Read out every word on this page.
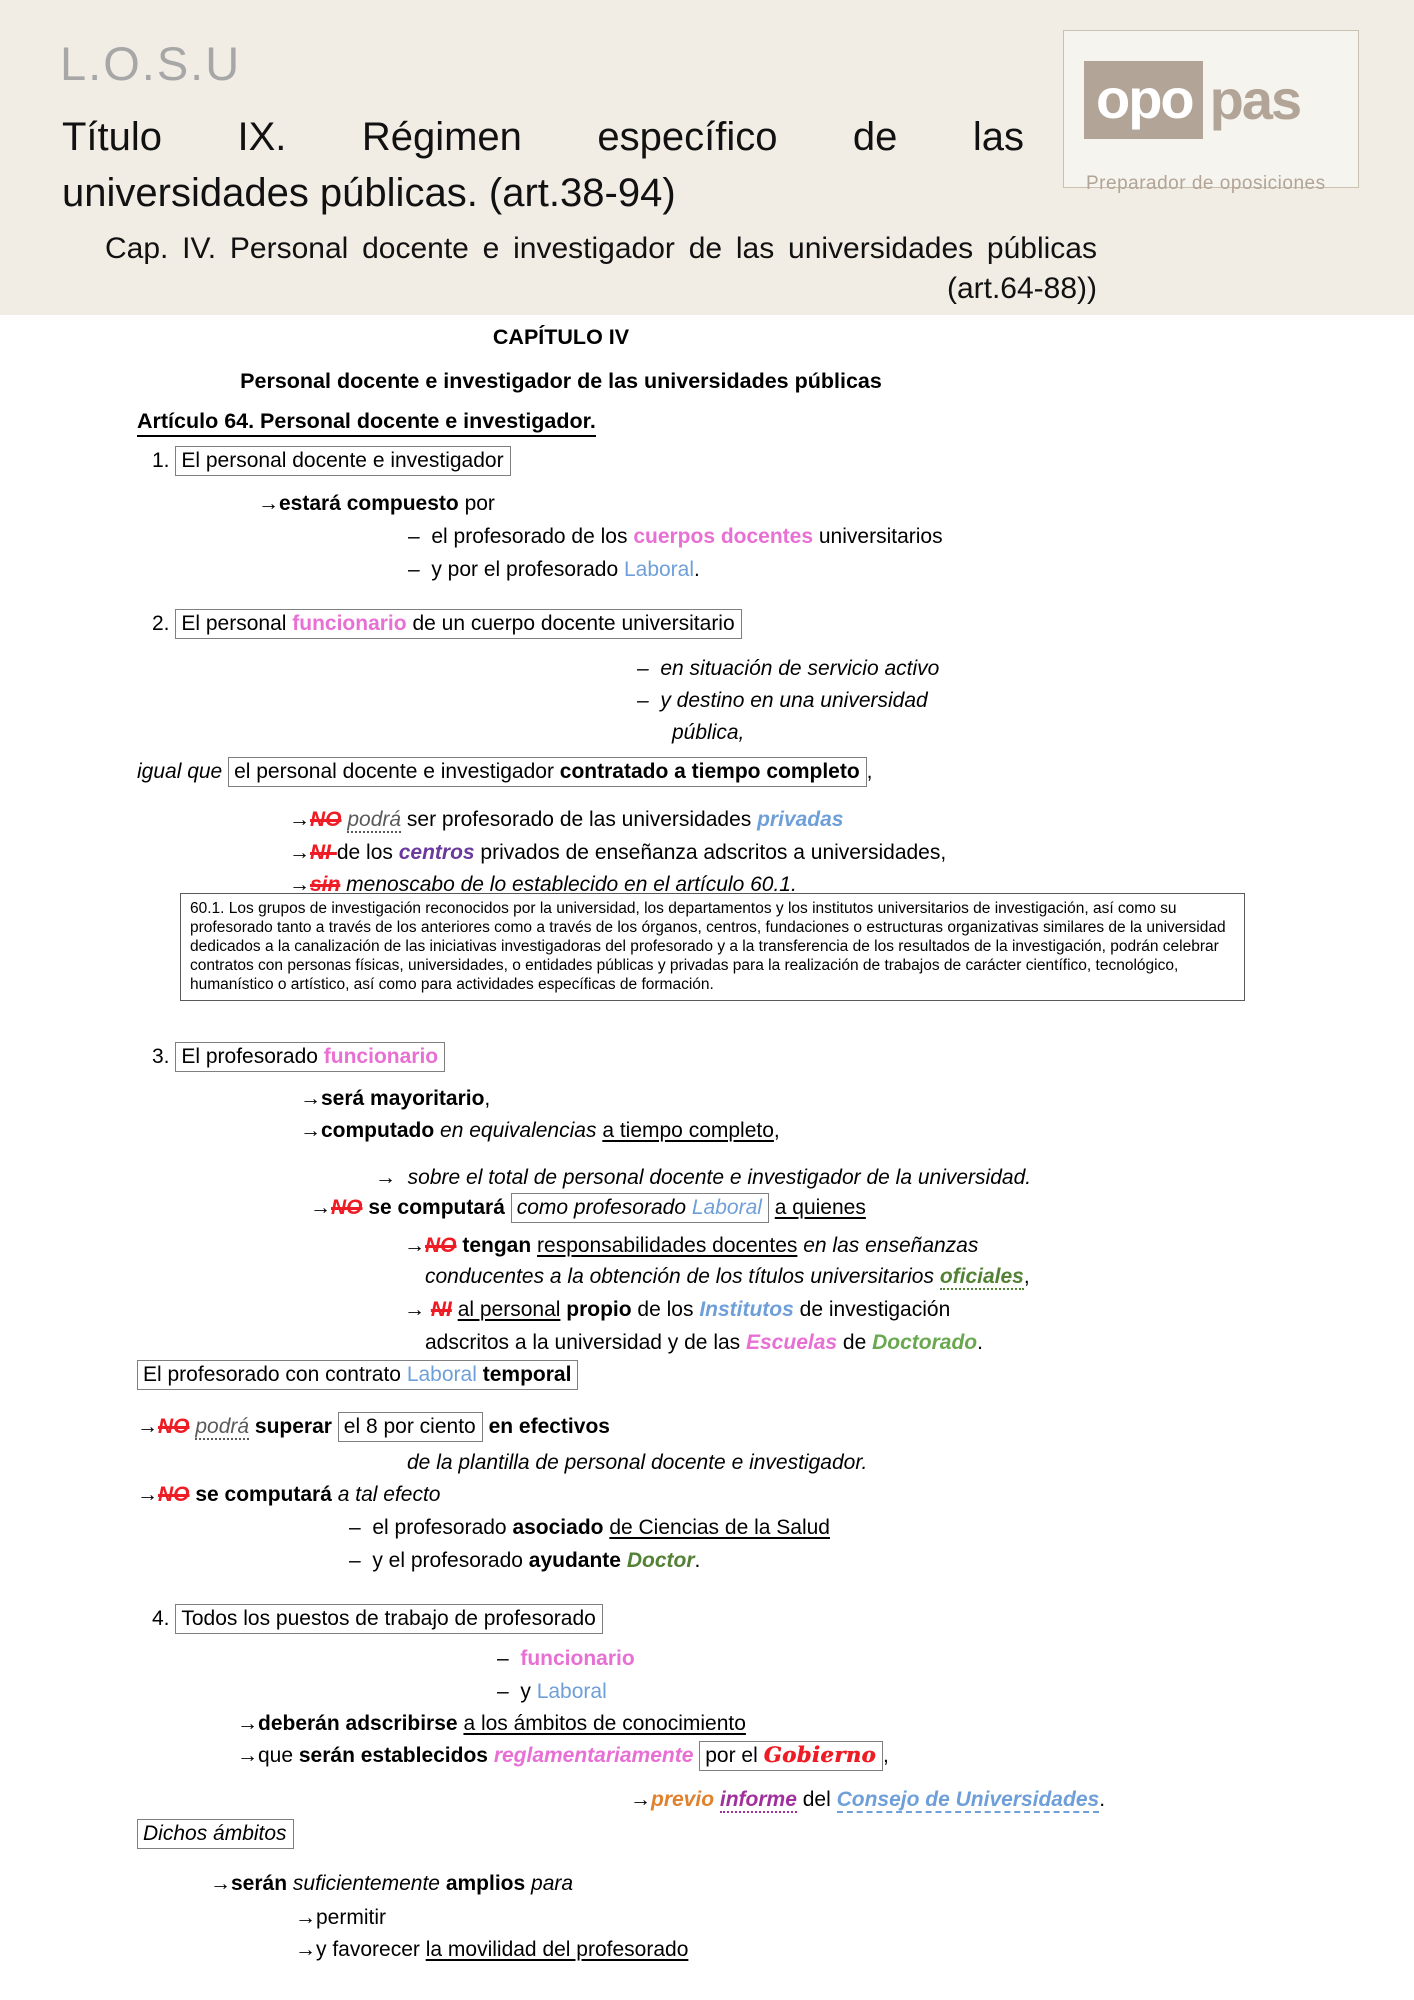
L.O.S.U
Título IX. Régimen específico de las
universidades públicas. (art.38-94)
Cap. IV. Personal docente e investigador de las universidades públicas
(art.64-88))
opo pas
Preparador de oposiciones
CAPÍTULO IV
Personal docente e investigador de las universidades públicas
Artículo 64. Personal docente e investigador.
1. El personal docente e investigador
→estará compuesto por
–  el profesorado de los cuerpos docentes universitarios
–  y por el profesorado Laboral.
2. El personal funcionario de un cuerpo docente universitario
–  en situación de servicio activo
–  y destino en una universidad
pública,
igual que el personal docente e investigador contratado a tiempo completo ,
→NO podrá ser profesorado de las universidades privadas
→NI de los centros privados de enseñanza adscritos a universidades,
→sin menoscabo de lo establecido en el artículo 60.1.
60.1. Los grupos de investigación reconocidos por la universidad, los departamentos y los institutos universitarios de investigación, así como su profesorado tanto a través de los anteriores como a través de los órganos, centros, fundaciones o estructuras organizativas similares de la universidad dedicados a la canalización de las iniciativas investigadoras del profesorado y a la transferencia de los resultados de la investigación, podrán celebrar contratos con personas físicas, universidades, o entidades públicas y privadas para la realización de trabajos de carácter científico, tecnológico, humanístico o artístico, así como para actividades específicas de formación.
3. El profesorado funcionario
→será mayoritario,
→computado en equivalencias a tiempo completo,
→  sobre el total de personal docente e investigador de la universidad.
→NO se computará como profesorado Laboral a quienes
→NO tengan responsabilidades docentes en las enseñanzas
conducentes a la obtención de los títulos universitarios oficiales,
→ NI al personal propio de los Institutos de investigación
adscritos a la universidad y de las Escuelas de Doctorado.
El profesorado con contrato Laboral temporal
→NO podrá superar el 8 por ciento en efectivos
de la plantilla de personal docente e investigador.
→NO se computará a tal efecto
–  el profesorado asociado de Ciencias de la Salud
–  y el profesorado ayudante Doctor.
4. Todos los puestos de trabajo de profesorado
–  funcionario
–  y Laboral
→deberán adscribirse a los ámbitos de conocimiento
→que serán establecidos reglamentariamente por el Gobierno ,
→previo informe del Consejo de Universidades.
Dichos ámbitos
→serán suficientemente amplios para
→permitir
→y favorecer la movilidad del profesorado
